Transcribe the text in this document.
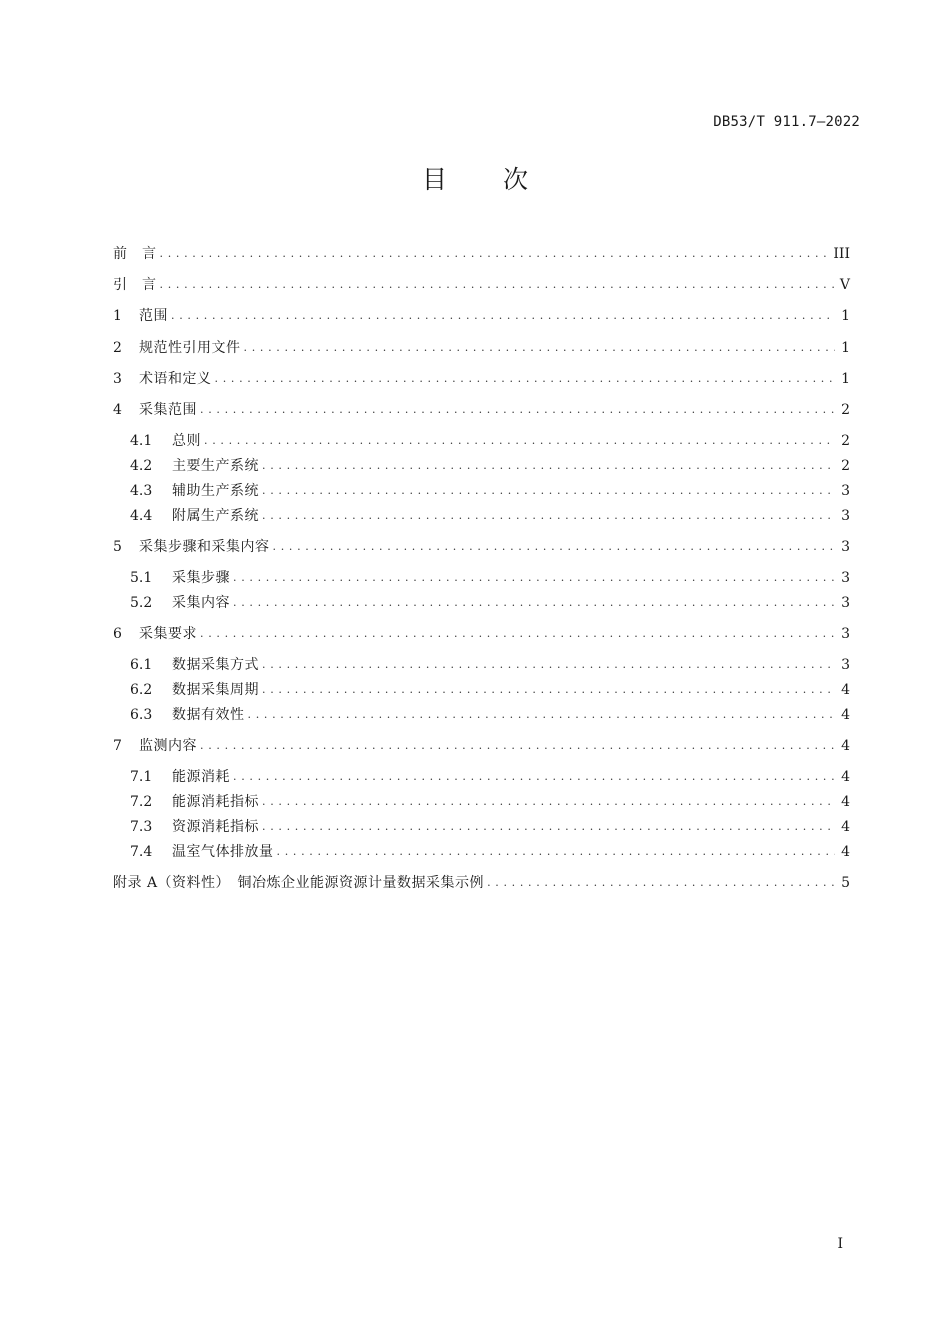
DB53/T 911.7—2022
目 次
前　言 . . .	III
引　言 . . .	V
1	范围 . . .	1
2	规范性引用文件 . . .	1
3	术语和定义 . . .	1
4	采集范围 . . .	2
4.1	总则 . . .	2
4.2	主要生产系统 . . .	2
4.3	辅助生产系统 . . .	3
4.4	附属生产系统 . . .	3
5	采集步骤和采集内容 . . .	3
5.1	采集步骤 . . .	3
5.2	采集内容 . . .	3
6	采集要求 . . .	3
6.1	数据采集方式 . . .	3
6.2	数据采集周期 . . .	4
6.3	数据有效性 . . .	4
7	监测内容 . . .	4
7.1	能源消耗 . . .	4
7.2	能源消耗指标 . . .	4
7.3	资源消耗指标 . . .	4
7.4	温室气体排放量 . . .	4
附录 A（资料性）　铜冶炼企业能源资源计量数据采集示例 . . .	5
I
